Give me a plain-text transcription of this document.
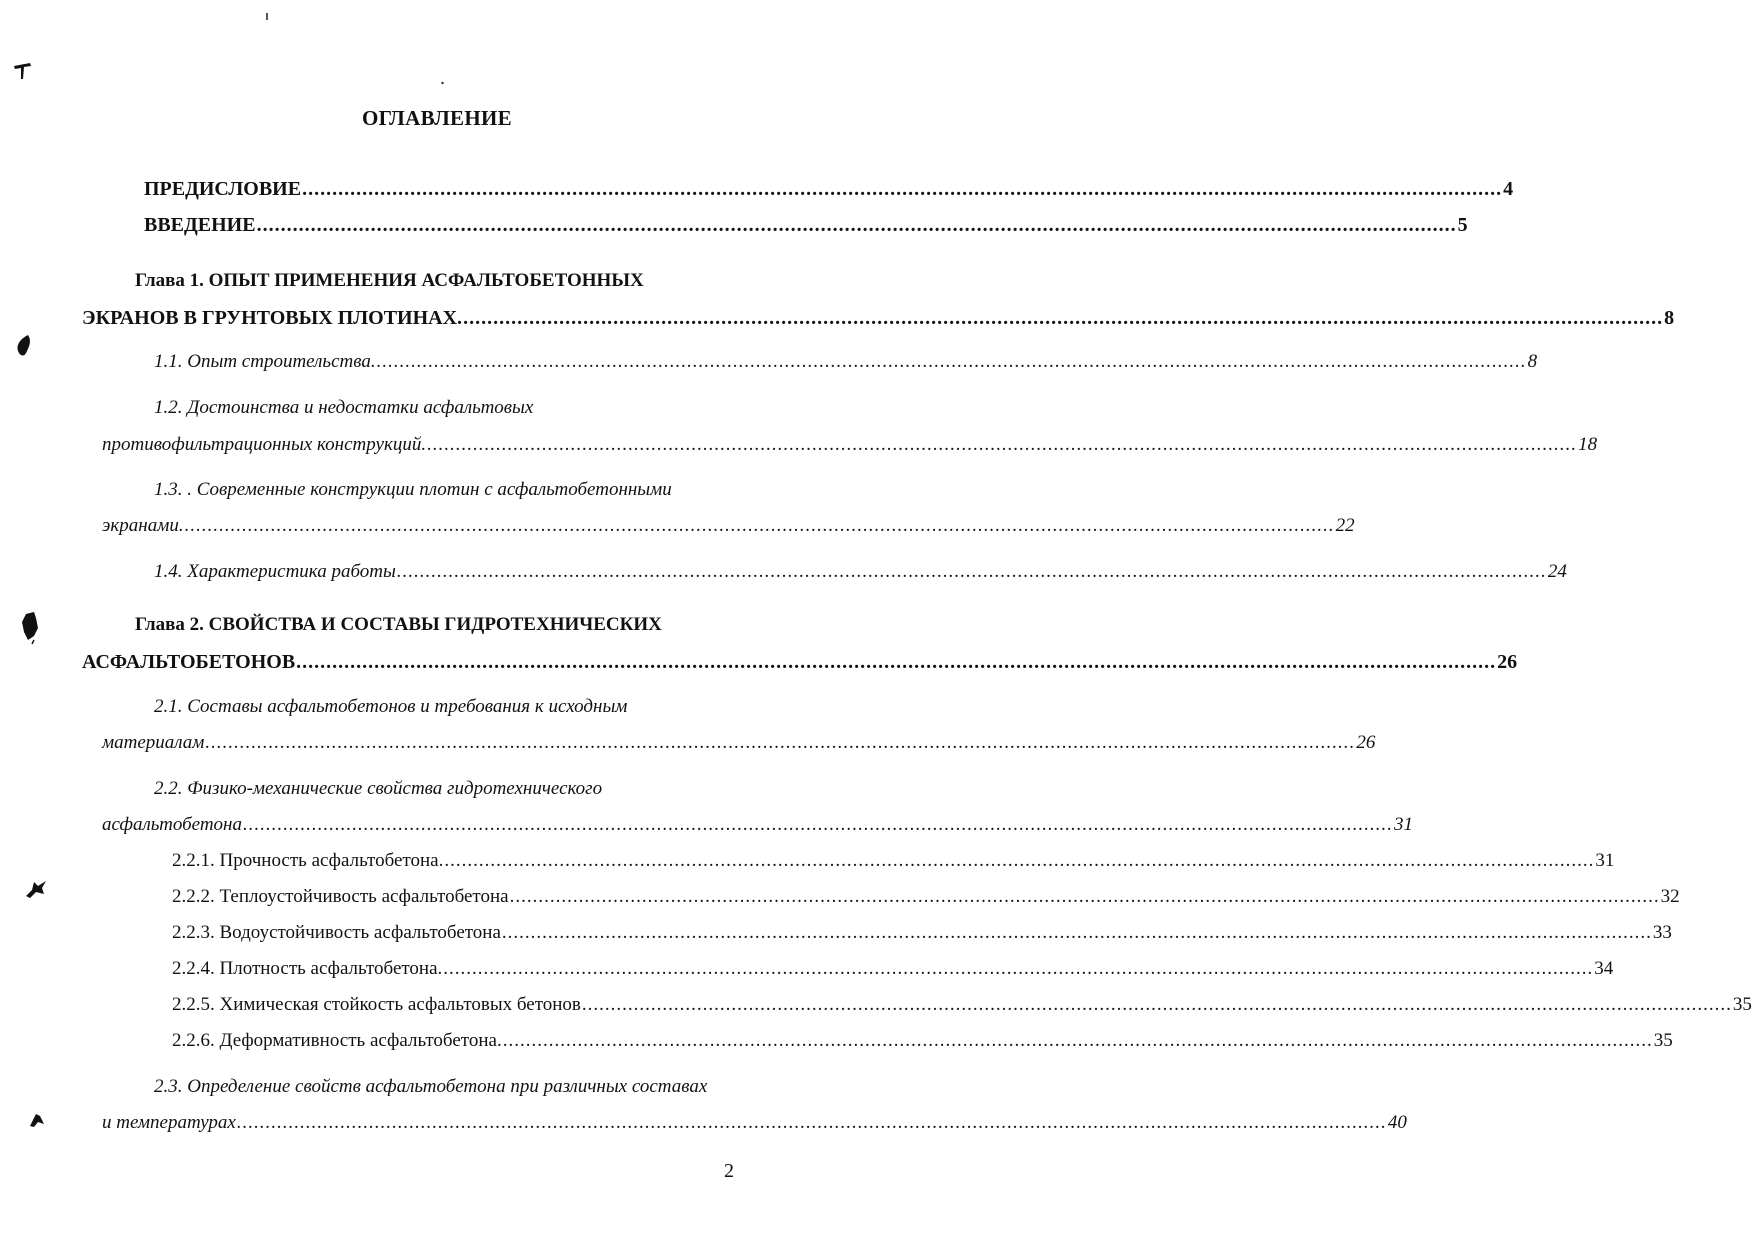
ОГЛАВЛЕНИЕ
ПРЕДИСЛОВИЕ ........................................................................................................................................................................................................ 4
ВВЕДЕНИЕ ........................................................................................................................................................................................................ 5
Глава 1. ОПЫТ ПРИМЕНЕНИЯ АСФАЛЬТОБЕТОННЫХ
ЭКРАНОВ В ГРУНТОВЫХ ПЛОТИНАХ. ........................................................................................................................................................................................................ 8
1.1. Опыт строительства. ........................................................................................................................................................................................................ 8
1.2. Достоинства и недостатки асфальтовых
противофильтрационных конструкций. ........................................................................................................................................................................................................ 18
1.3. . Современные конструкции плотин с асфальтобетонными
экранами. ........................................................................................................................................................................................................ 22
1.4. Характеристика работы ........................................................................................................................................................................................................ 24
Глава 2. СВОЙСТВА И СОСТАВЫ ГИДРОТЕХНИЧЕСКИХ
АСФАЛЬТОБЕТОНОВ ........................................................................................................................................................................................................ 26
2.1. Составы асфальтобетонов и требования к исходным
материалам ........................................................................................................................................................................................................ 26
2.2. Физико-механические свойства гидротехнического
асфальтобетона ........................................................................................................................................................................................................ 31
2.2.1. Прочность асфальтобетона. ........................................................................................................................................................................................................ 31
2.2.2. Теплоустойчивость асфальтобетона ........................................................................................................................................................................................................ 32
2.2.3. Водоустойчивость асфальтобетона ........................................................................................................................................................................................................ 33
2.2.4. Плотность асфальтобетона. ........................................................................................................................................................................................................ 34
2.2.5. Химическая стойкость асфальтовых бетонов ........................................................................................................................................................................................................ 35
2.2.6. Деформативность асфальтобетона. ........................................................................................................................................................................................................ 35
2.3. Определение свойств асфальтобетона при различных составах
и температурах ........................................................................................................................................................................................................ 40
2
